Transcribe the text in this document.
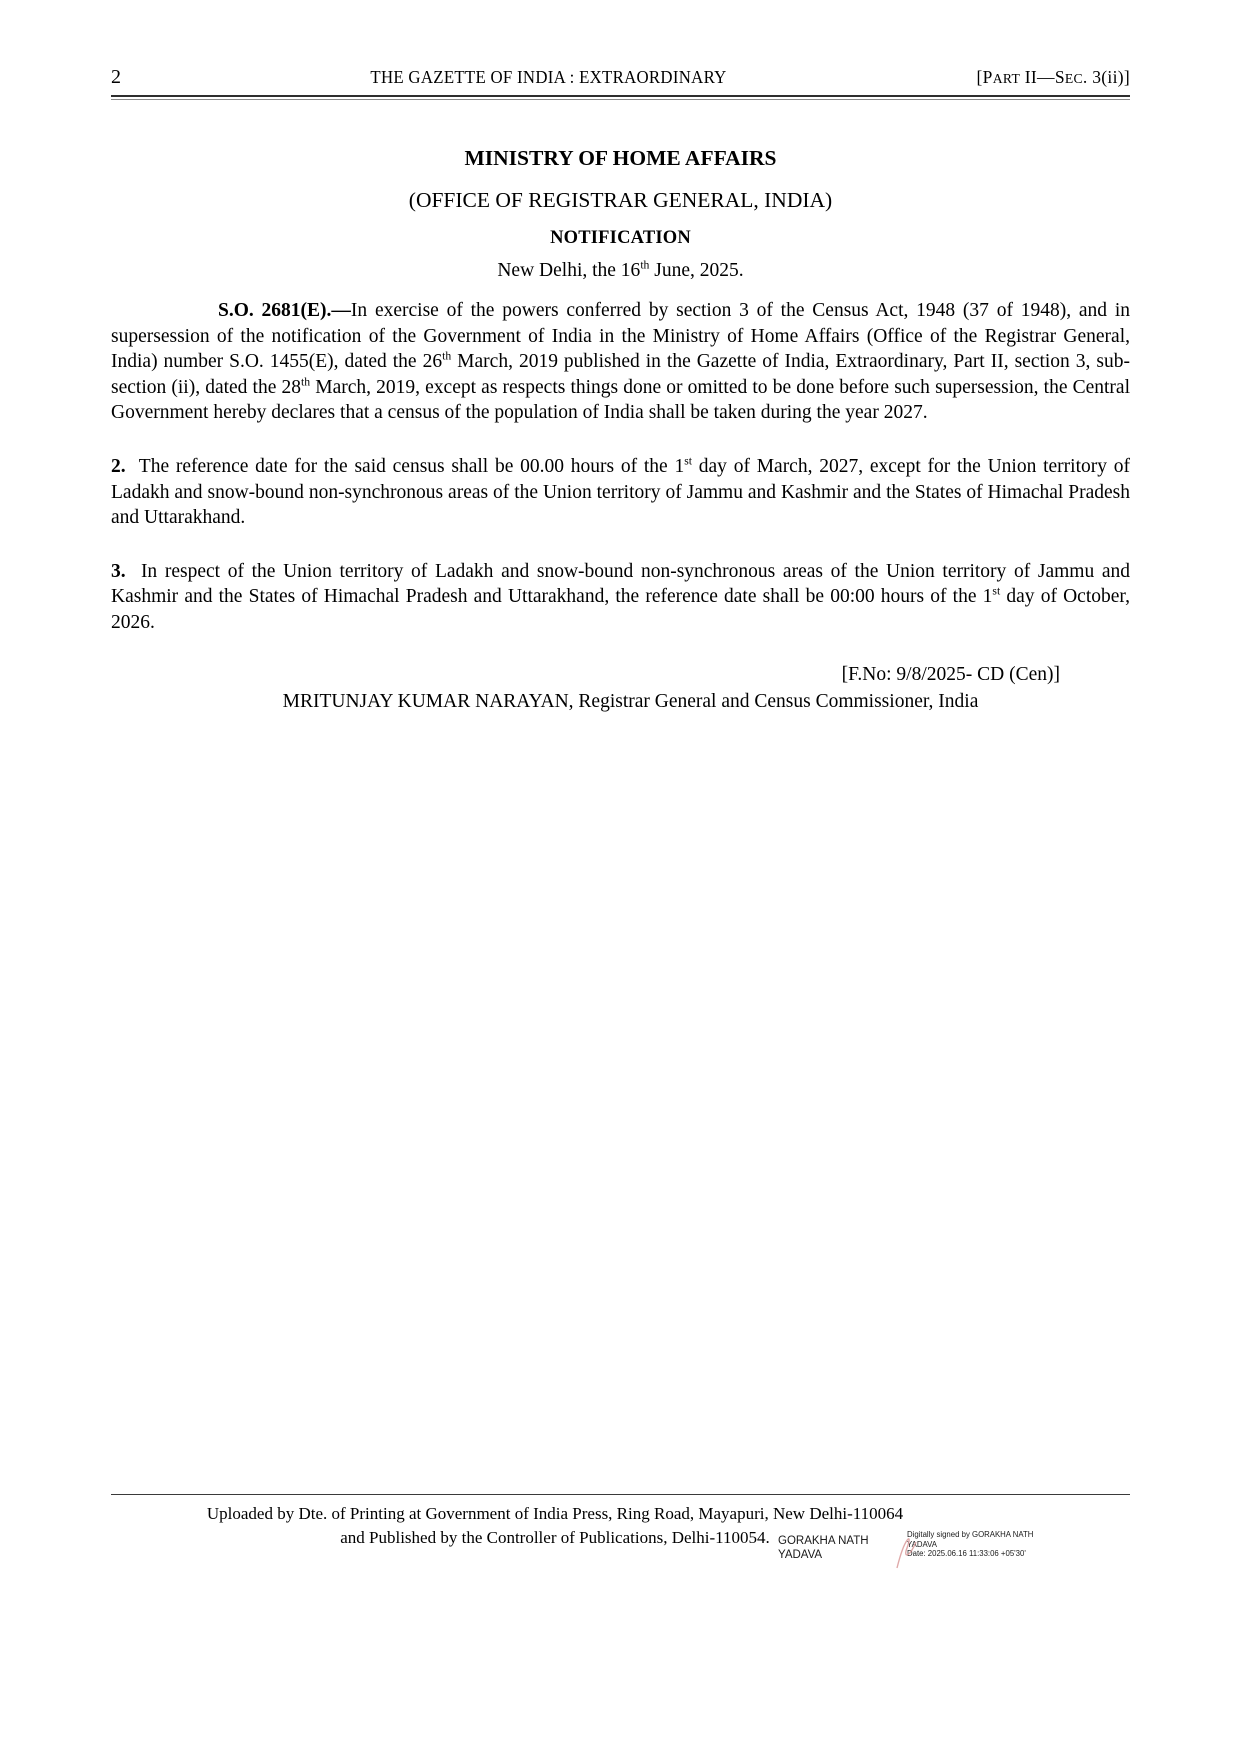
2	THE GAZETTE OF INDIA : EXTRAORDINARY	[PART II—SEC. 3(ii)]
MINISTRY OF HOME AFFAIRS
(OFFICE OF REGISTRAR GENERAL, INDIA)
NOTIFICATION
New Delhi, the 16th June, 2025.

S.O. 2681(E).—In exercise of the powers conferred by section 3 of the Census Act, 1948 (37 of 1948), and in supersession of the notification of the Government of India in the Ministry of Home Affairs (Office of the Registrar General, India) number S.O. 1455(E), dated the 26th March, 2019 published in the Gazette of India, Extraordinary, Part II, section 3, sub-section (ii), dated the 28th March, 2019, except as respects things done or omitted to be done before such supersession, the Central Government hereby declares that a census of the population of India shall be taken during the year 2027.

2.  The reference date for the said census shall be 00.00 hours of the 1st day of March, 2027, except for the Union territory of Ladakh and snow-bound non-synchronous areas of the Union territory of Jammu and Kashmir and the States of Himachal Pradesh and Uttarakhand.

3.  In respect of the Union territory of Ladakh and snow-bound non-synchronous areas of the Union territory of Jammu and Kashmir and the States of Himachal Pradesh and Uttarakhand, the reference date shall be 00:00 hours of the 1st day of October, 2026.

[F.No: 9/8/2025- CD (Cen)]
MRITUNJAY KUMAR NARAYAN, Registrar General and Census Commissioner, India
Uploaded by Dte. of Printing at Government of India Press, Ring Road, Mayapuri, New Delhi-110064
and Published by the Controller of Publications, Delhi-110054. GORAKHA NATH YADAVA
Digitally signed by GORAKHA NATH YADAVA
Date: 2025.06.16 11:33:06 +05'30'
